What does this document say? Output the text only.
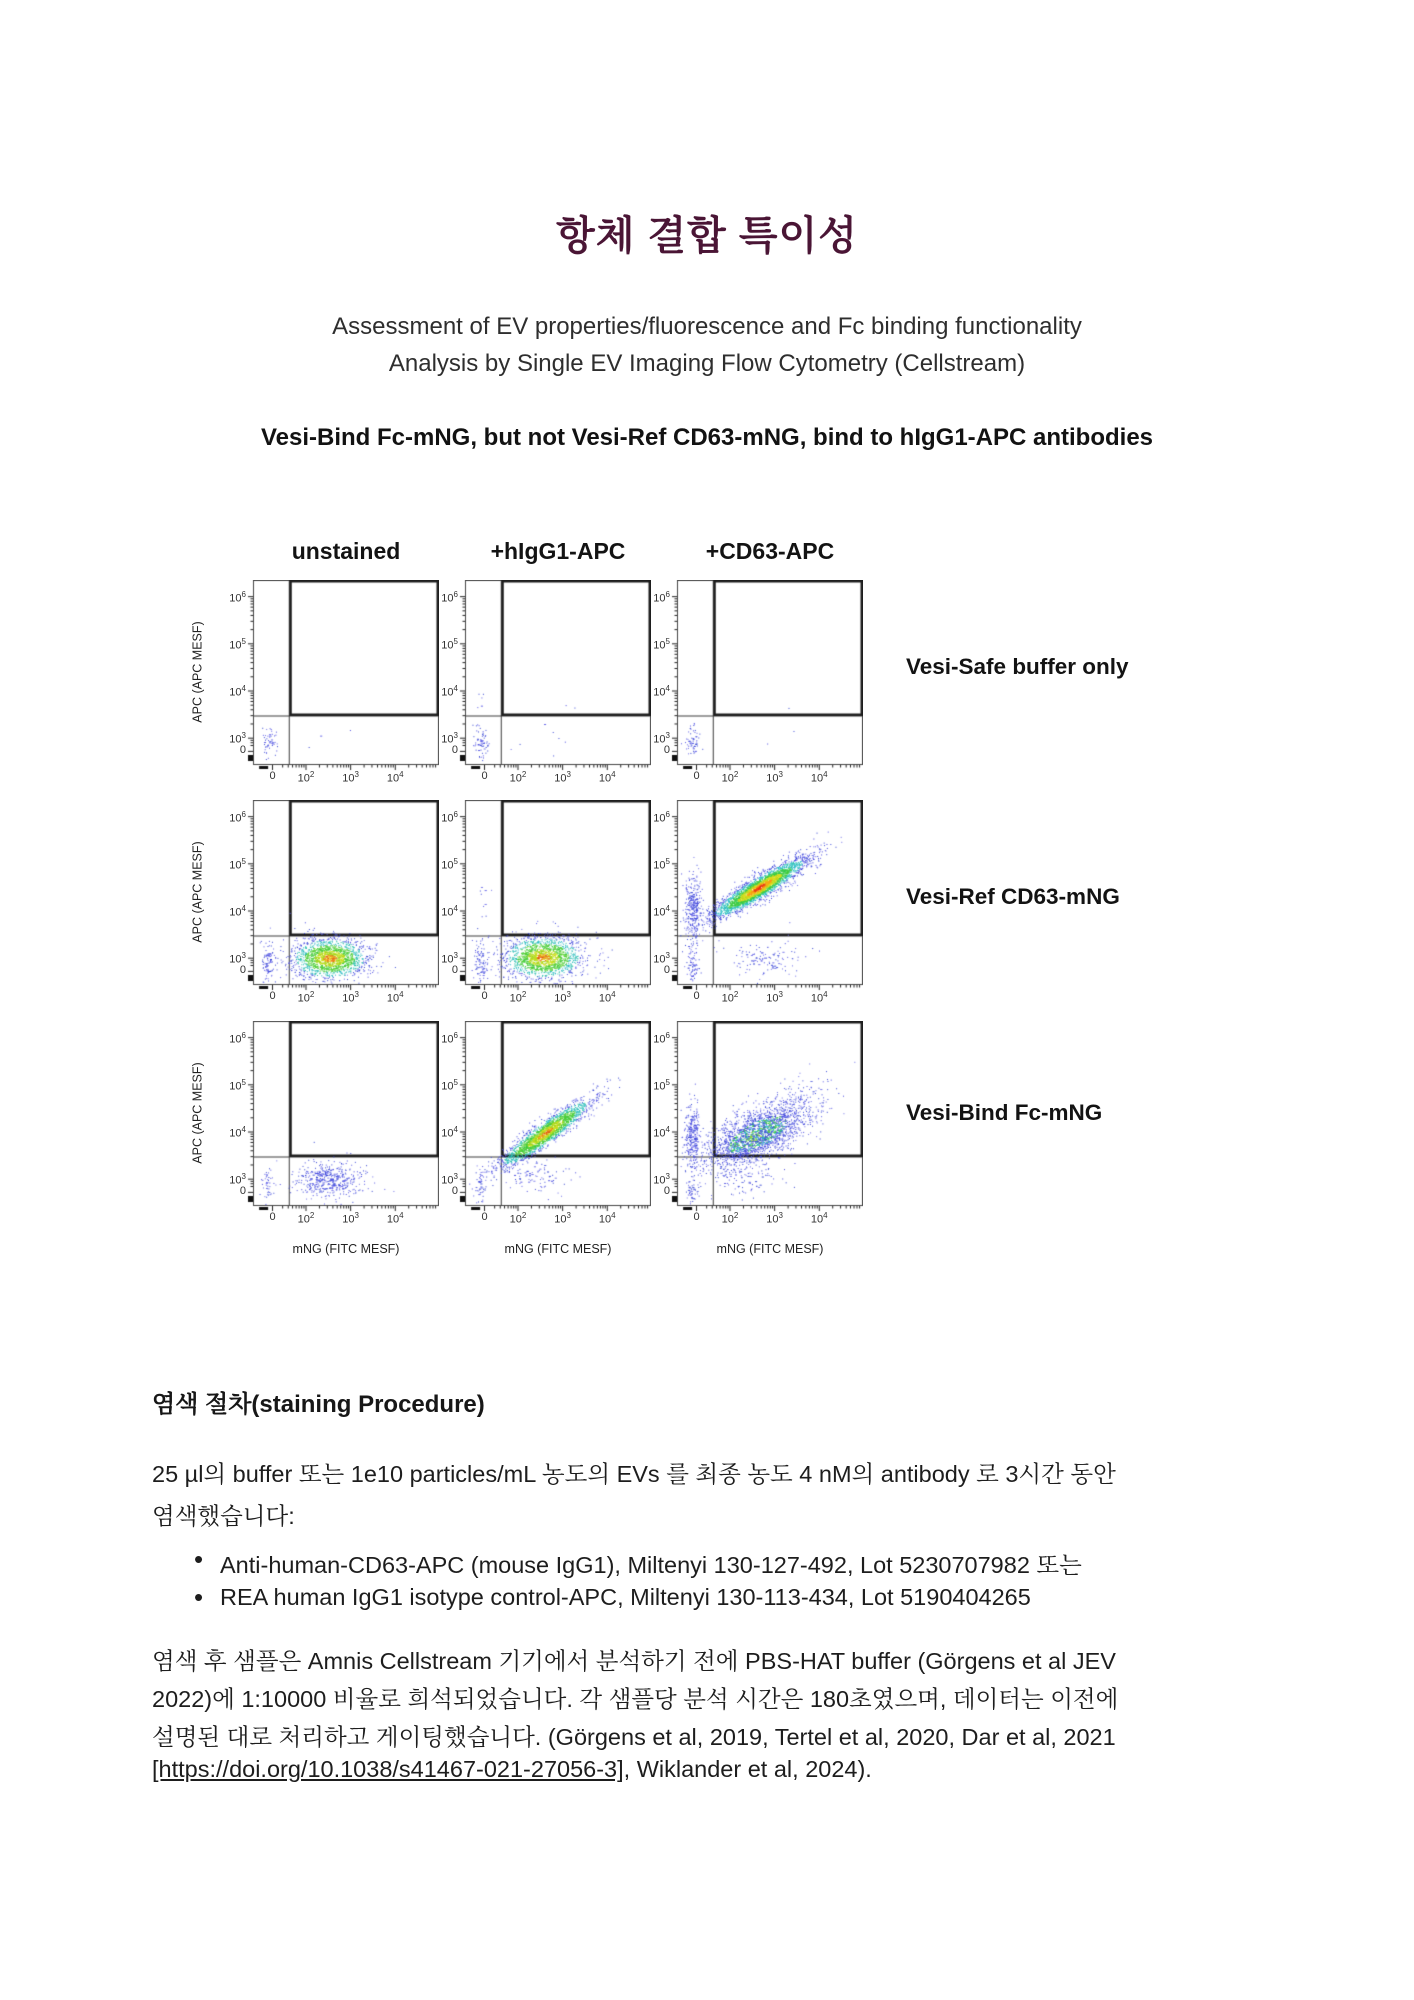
항체 결합 특이성
Assessment of EV properties/fluorescence and Fc binding functionality
Analysis by Single EV Imaging Flow Cytometry (Cellstream)
Vesi-Bind Fc-mNG, but not Vesi-Ref CD63-mNG, bind to hIgG1-APC antibodies
unstained	+hIgG1-APC	+CD63-APC
Vesi-Safe buffer only
Vesi-Ref CD63-mNG
Vesi-Bind Fc-mNG
$10^6$
$10^5$
$10^4$
$10^3$
0
0	$10^2$	$10^3$	$10^4$
APC (APC MESF)
$10^6$
$10^5$
$10^4$
$10^3$
0
0	$10^2$	$10^3$	$10^4$
$10^6$
$10^5$
$10^4$
$10^3$
0
0	$10^2$	$10^3$	$10^4$
$10^6$
$10^5$
$10^4$
$10^3$
0
0	$10^2$	$10^3$	$10^4$
APC (APC MESF)
$10^6$
$10^5$
$10^4$
$10^3$
0
0	$10^2$	$10^3$	$10^4$
$10^6$
$10^5$
$10^4$
$10^3$
0
0	$10^2$	$10^3$	$10^4$
$10^6$
$10^5$
$10^4$
$10^3$
0
0	$10^2$	$10^3$	$10^4$
APC (APC MESF)
mNG (FITC MESF)
$10^6$
$10^5$
$10^4$
$10^3$
0
0	$10^2$	$10^3$	$10^4$
mNG (FITC MESF)
$10^6$
$10^5$
$10^4$
$10^3$
0
0	$10^2$	$10^3$	$10^4$
mNG (FITC MESF)
염색 절차(staining Procedure)
25 µl의 buffer 또는 1e10 particles/mL 농도의 EVs 를 최종 농도 4 nM의 antibody 로 3시간 동안
염색했습니다:
• Anti-human-CD63-APC (mouse IgG1), Miltenyi 130-127-492, Lot 5230707982 또는
• REA human IgG1 isotype control-APC, Miltenyi 130-113-434, Lot 5190404265
염색 후 샘플은 Amnis Cellstream 기기에서 분석하기 전에 PBS-HAT buffer (Görgens et al JEV
2022)에 1:10000 비율로 희석되었습니다. 각 샘플당 분석 시간은 180초였으며, 데이터는 이전에
설명된 대로 처리하고 게이팅했습니다. (Görgens et al, 2019, Tertel et al, 2020, Dar et al, 2021
[https://doi.org/10.1038/s41467-021-27056-3], Wiklander et al, 2024).
